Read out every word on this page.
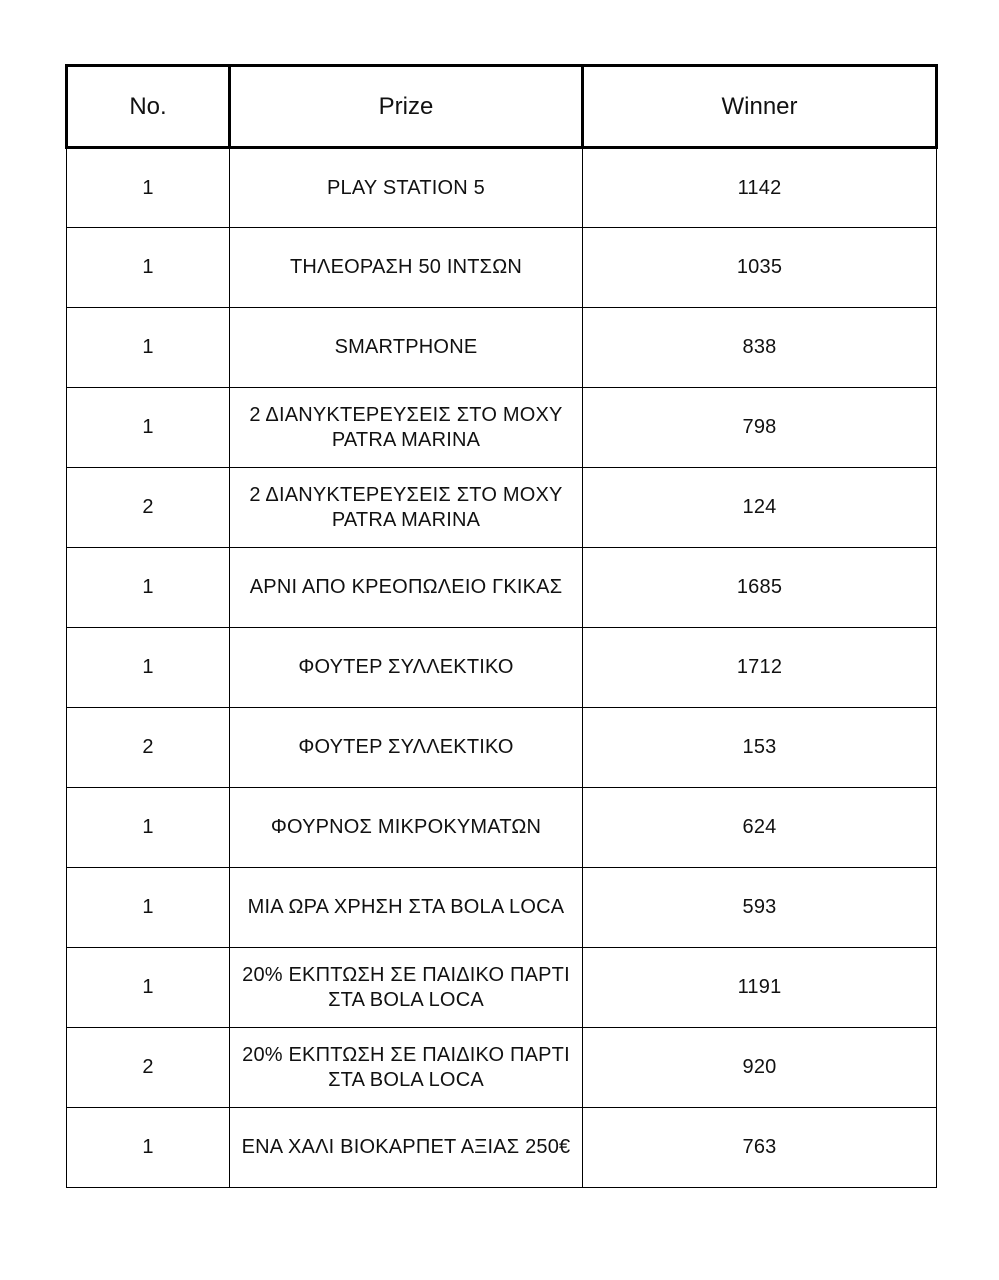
No.	Prize	Winner
1	PLAY STATION 5	1142
1	ΤΗΛΕΟΡΑΣΗ 50 ΙΝΤΣΩΝ	1035
1	SMARTPHONE	838
1	2 ΔΙΑΝΥΚΤΕΡΕΥΣΕΙΣ ΣΤΟ ΜΟΧΥ PATRA MARINA	798
2	2 ΔΙΑΝΥΚΤΕΡΕΥΣΕΙΣ ΣΤΟ ΜΟΧΥ PATRA MARINA	124
1	ΑΡΝΙ ΑΠΟ ΚΡΕΟΠΩΛΕΙΟ ΓΚΙΚΑΣ	1685
1	ΦΟΥΤΕΡ ΣΥΛΛΕΚΤΙΚΟ	1712
2	ΦΟΥΤΕΡ ΣΥΛΛΕΚΤΙΚΟ	153
1	ΦΟΥΡΝΟΣ ΜΙΚΡΟΚΥΜΑΤΩΝ	624
1	ΜΙΑ ΩΡΑ ΧΡΗΣΗ ΣΤΑ BOLA LOCA	593
1	20% ΕΚΠΤΩΣΗ ΣΕ ΠΑΙΔΙΚΟ ΠΑΡΤΙ ΣΤΑ BOLA LOCA	1191
2	20% ΕΚΠΤΩΣΗ ΣΕ ΠΑΙΔΙΚΟ ΠΑΡΤΙ ΣΤΑ BOLA LOCA	920
1	ΕΝΑ ΧΑΛΙ ΒΙΟΚΑΡΠΕΤ ΑΞΙΑΣ 250€	763
